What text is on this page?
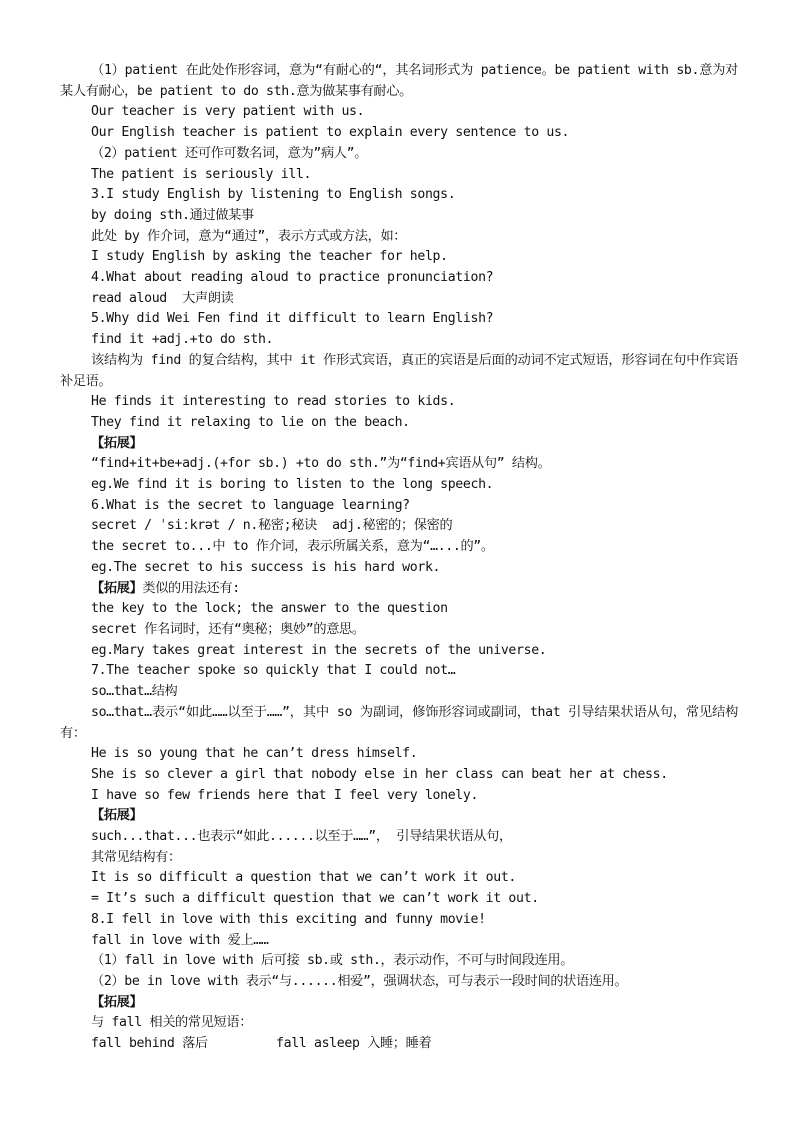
（1）patient 在此处作形容词，意为“有耐心的“，其名词形式为 patience。be patient with sb.意为对某人有耐心，be patient to do sth.意为做某事有耐心。
Our teacher is very patient with us.
Our English teacher is patient to explain every sentence to us.
（2）patient 还可作可数名词，意为”病人”。
The patient is seriously ill.
3.I study English by listening to English songs.
by doing sth.通过做某事
此处 by 作介词，意为“通过”，表示方式或方法，如：
I study English by asking the teacher for help.
4.What about reading aloud to practice pronunciation?
read aloud  大声朗读
5.Why did Wei Fen find it difficult to learn English?
find it +adj.+to do sth.
该结构为 find 的复合结构，其中 it 作形式宾语，真正的宾语是后面的动词不定式短语，形容词在句中作宾语补足语。
He finds it interesting to read stories to kids.
They find it relaxing to lie on the beach.
【拓展】
“find+it+be+adj.(+for sb.) +to do sth.”为“find+宾语从句” 结构。
eg.We find it is boring to listen to the long speech.
6.What is the secret to language learning?
secret / ˈsiːkrət / n.秘密;秘诀  adj.秘密的；保密的
the secret to...中 to 作介词，表示所属关系，意为“…...的”。
eg.The secret to his success is his hard work.
【拓展】类似的用法还有:
the key to the lock; the answer to the question
secret 作名词时，还有“奥秘；奥妙”的意思。
eg.Mary takes great interest in the secrets of the universe.
7.The teacher spoke so quickly that I could not…
so…that…结构
so…that…表示“如此……以至于……”，其中 so 为副词，修饰形容词或副词，that 引导结果状语从句，常见结构有：
He is so young that he can’t dress himself.
She is so clever a girl that nobody else in her class can beat her at chess.
I have so few friends here that I feel very lonely.
【拓展】
such...that...也表示“如此......以至于……”， 引导结果状语从句，
其常见结构有：
It is so difficult a question that we can’t work it out.
= It’s such a difficult question that we can’t work it out.
8.I fell in love with this exciting and funny movie!
fall in love with 爱上……
（1）fall in love with 后可接 sb.或 sth.，表示动作，不可与时间段连用。
（2）be in love with 表示“与......相爱”，强调状态，可与表示一段时间的状语连用。
【拓展】
与 fall 相关的常见短语：
fall behind 落后         fall asleep 入睡；睡着
